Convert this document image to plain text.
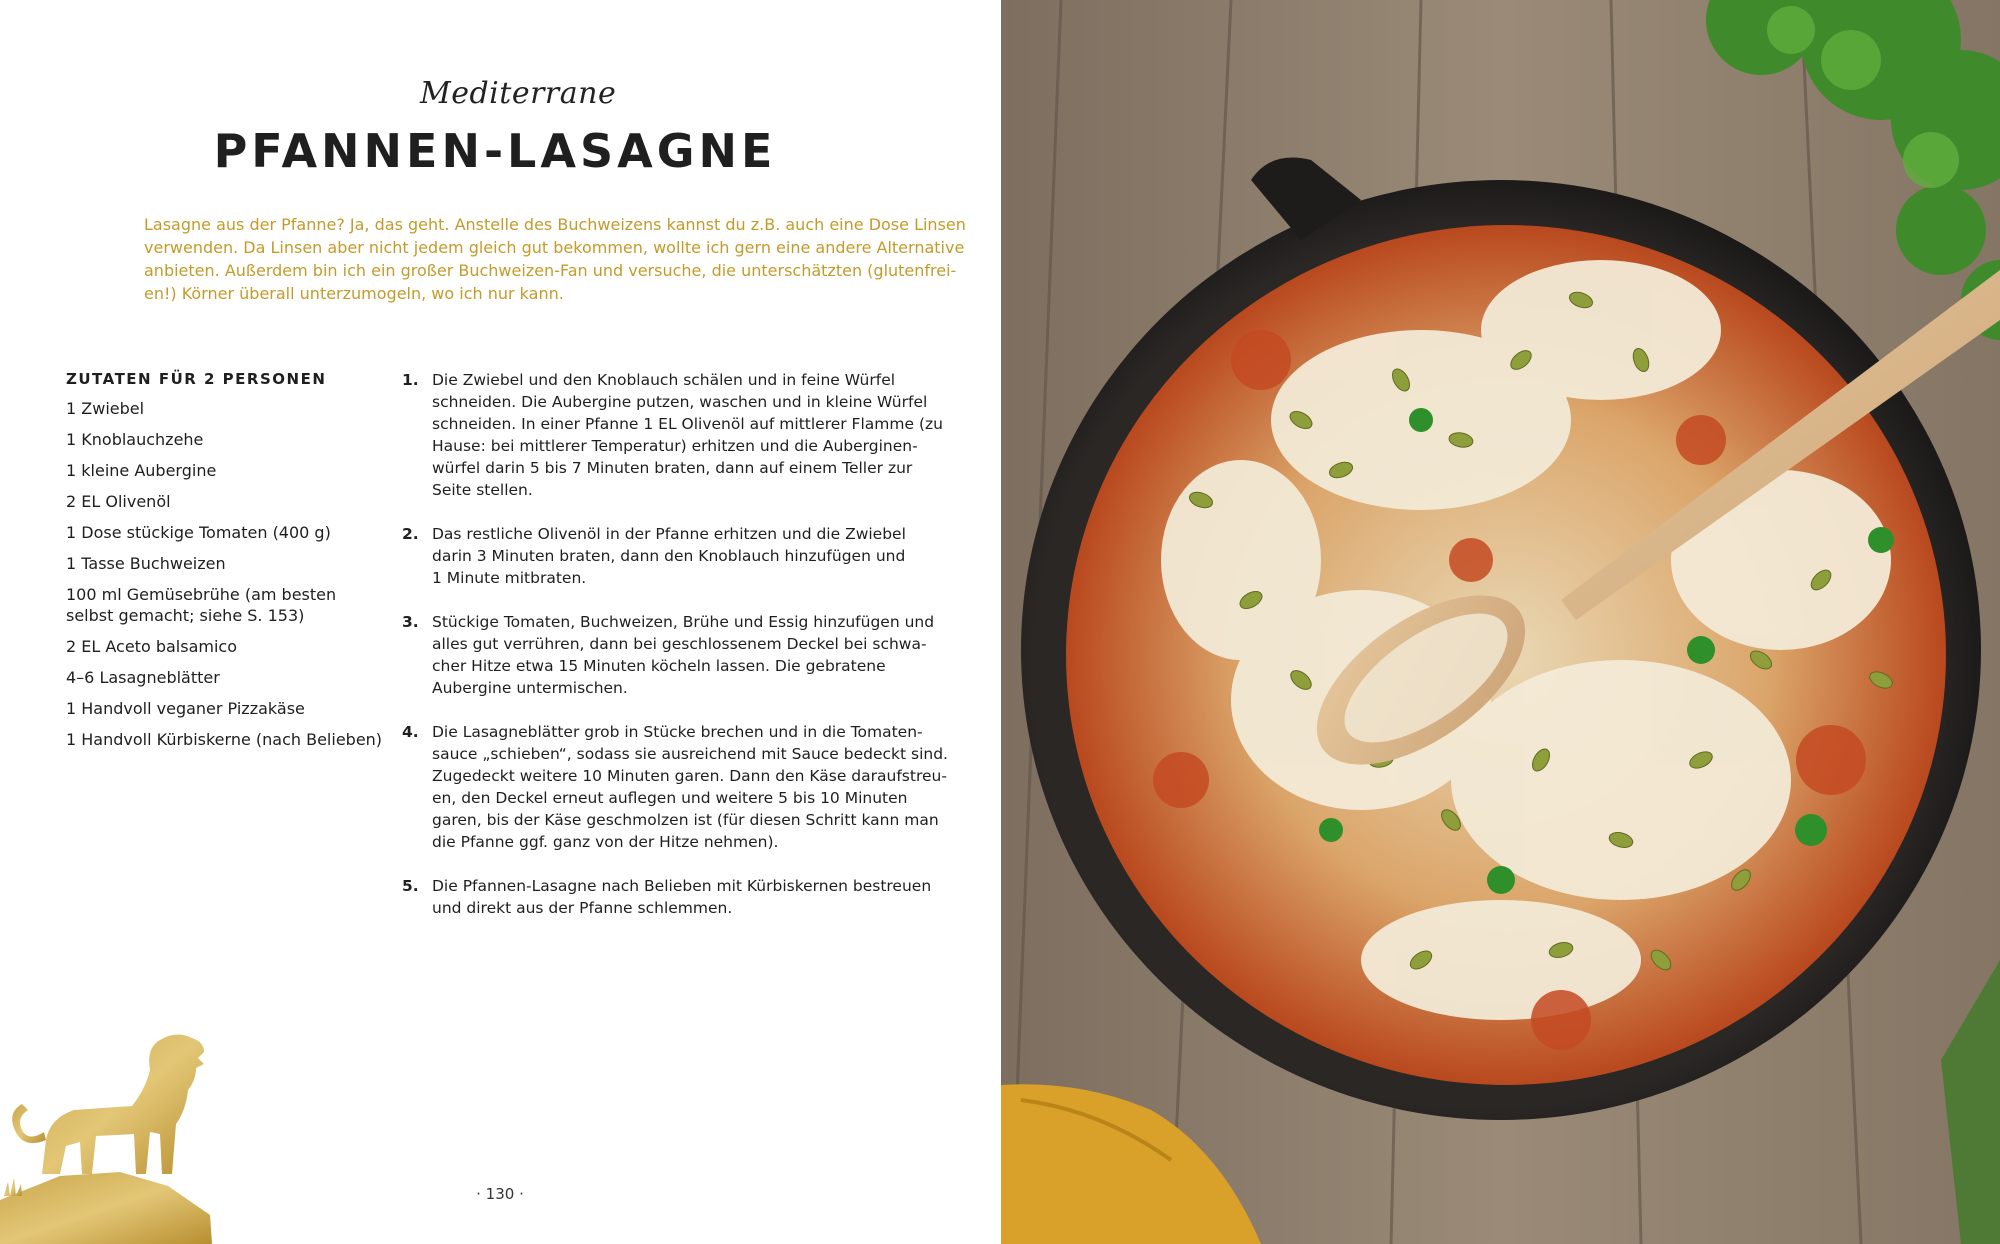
Mediterrane
PFANNEN-LASAGNE

Lasagne aus der Pfanne? Ja, das geht. Anstelle des Buchweizens kannst du z.B. auch eine Dose Linsen

verwenden. Da Linsen aber nicht jedem gleich gut bekommen, wollte ich gern eine andere Alternative

anbieten. Außerdem bin ich ein großer Buchweizen-Fan und versuche, die unterschätzten (glutenfrei-

en!) Körner überall unterzumogeln, wo ich nur kann.

ZUTATEN FÜR 2 PERSONEN
1 Zwiebel
1 Knoblauchzehe
1 kleine Aubergine
2 EL Olivenöl
1 Dose stückige Tomaten (400 g)
1 Tasse Buchweizen
100 ml Gemüsebrühe (am besten selbst gemacht; siehe S. 153)
2 EL Aceto balsamico
4–6 Lasagneblätter
1 Handvoll veganer Pizzakäse
1 Handvoll Kürbiskerne (nach Belieben)
1. Die Zwiebel und den Knoblauch schälen und in feine Würfel
schneiden. Die Aubergine putzen, waschen und in kleine Würfel
schneiden. In einer Pfanne 1 EL Olivenöl auf mittlerer Flamme (zu
Hause: bei mittlerer Temperatur) erhitzen und die Auberginen-
würfel darin 5 bis 7 Minuten braten, dann auf einem Teller zur
Seite stellen.
2. Das restliche Olivenöl in der Pfanne erhitzen und die Zwiebel
darin 3 Minuten braten, dann den Knoblauch hinzufügen und
1 Minute mitbraten.
3. Stückige Tomaten, Buchweizen, Brühe und Essig hinzufügen und
alles gut verrühren, dann bei geschlossenem Deckel bei schwa-
cher Hitze etwa 15 Minuten köcheln lassen. Die gebratene
Aubergine untermischen.
4. Die Lasagneblätter grob in Stücke brechen und in die Tomaten-
sauce „schieben“, sodass sie ausreichend mit Sauce bedeckt sind.
Zugedeckt weitere 10 Minuten garen. Dann den Käse daraufstreu-
en, den Deckel erneut auflegen und weitere 5 bis 10 Minuten
garen, bis der Käse geschmolzen ist (für diesen Schritt kann man
die Pfanne ggf. ganz von der Hitze nehmen).
5. Die Pfannen-Lasagne nach Belieben mit Kürbiskernen bestreuen
und direkt aus der Pfanne schlemmen.
· 130 ·
